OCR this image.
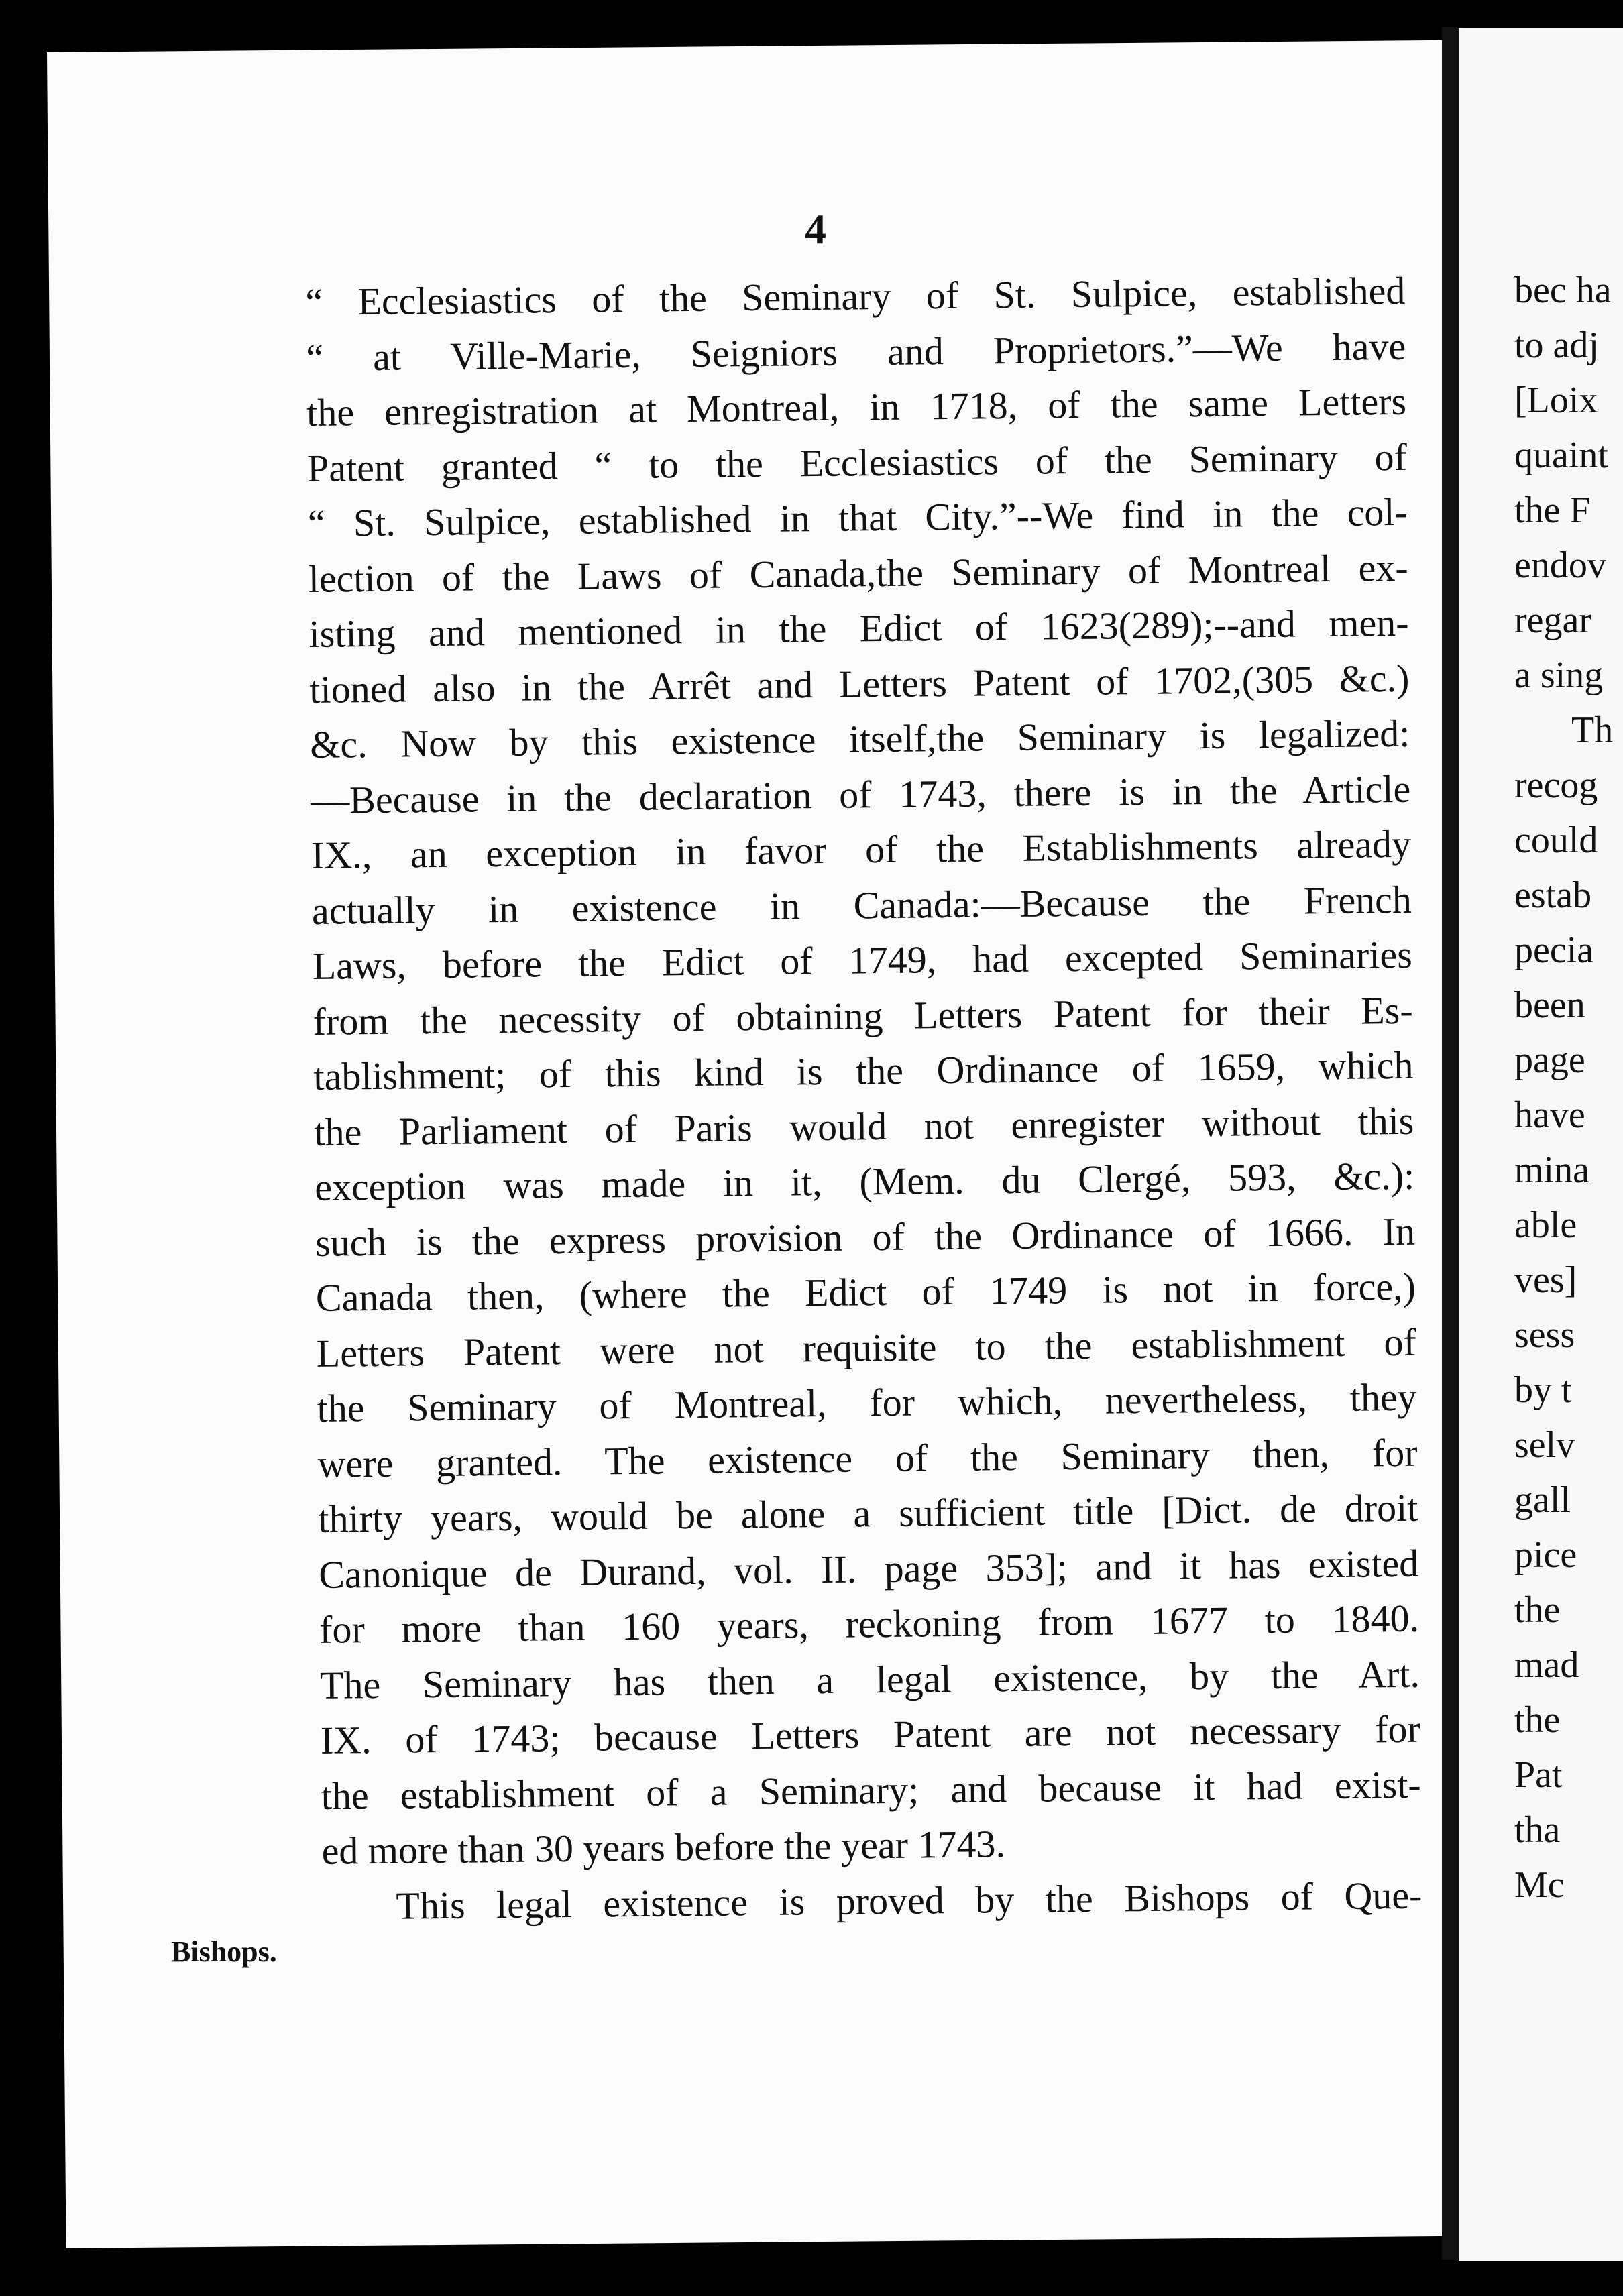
4
“ Ecclesiastics of the Seminary of St. Sulpice, established
“ at Ville-Marie, Seigniors and Proprietors.”—We have
the enregistration at Montreal, in 1718, of the same Letters
Patent granted “ to the Ecclesiastics of the Seminary of
“ St. Sulpice, established in that City.”--We find in the col-
lection of the Laws of Canada,the Seminary of Montreal ex-
isting and mentioned in the Edict of 1623(289);--and men-
tioned also in the Arrêt and Letters Patent of 1702,(305 &c.)
&c. Now by this existence itself,the Seminary is legalized:
—Because in the declaration of 1743, there is in the Article
IX., an exception in favor of the Establishments already
actually in existence in Canada:—Because the French
Laws, before the Edict of 1749, had excepted Seminaries
from the necessity of obtaining Letters Patent for their Es-
tablishment; of this kind is the Ordinance of 1659, which
the Parliament of Paris would not enregister without this
exception was made in it, (Mem. du Clergé, 593, &c.):
such is the express provision of the Ordinance of 1666. In
Canada then, (where the Edict of 1749 is not in force,)
Letters Patent were not requisite to the establishment of
the Seminary of Montreal, for which, nevertheless, they
were granted. The existence of the Seminary then, for
thirty years, would be alone a sufficient title [Dict. de droit
Canonique de Durand, vol. II. page 353]; and it has existed
for more than 160 years, reckoning from 1677 to 1840.
The Seminary has then a legal existence, by the Art.
IX. of 1743; because Letters Patent are not necessary for
the establishment of a Seminary; and because it had exist-
ed more than 30 years before the year 1743.
This legal existence is proved by the Bishops of Que-
Bishops.
bec ha
to adj
[Loix
quaint
the F
endov
regar
a sing
Th
recog
could
estab
pecia
been
page
have
mina
able
ves]
sess
by t
selv
gall
pice
the
mad
the
Pat
tha
Mc
